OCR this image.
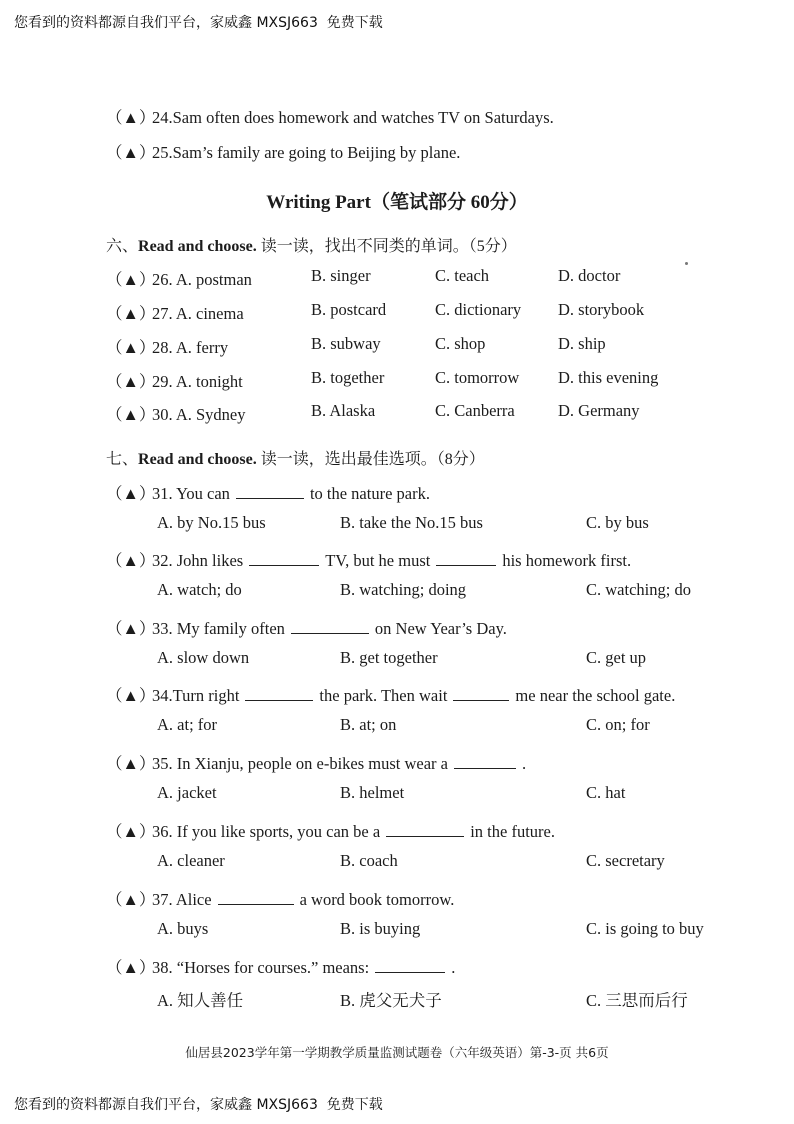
您看到的资料都源自我们平台，家威鑫 MXSJ663  免费下载
（▲）24.Sam often does homework and watches TV on Saturdays.
（▲）25.Sam’s family are going to Beijing by plane.
Writing Part（笔试部分 60分）
六、Read and choose. 读一读，找出不同类的单词。（5分）
（▲）26. A. postman	B. singer	C. teach	D. doctor
（▲）27. A. cinema	B. postcard	C. dictionary D. storybook
（▲）28. A. ferry	B. subway	C. shop	D. ship
（▲）29. A. tonight	B. together	C. tomorrow D. this evening
（▲）30. A. Sydney	B. Alaska	C. Canberra	D. Germany
七、Read and choose. 读一读，选出最佳选项。（8分）
（▲）31. You can	to the nature park.
A. by No.15 bus	B. take the No.15 bus	C. by bus
（▲）32. John likes	TV, but he must	his homework first.
A. watch; do	B. watching; doing	C. watching; do
（▲）33. My family often	on New Year’s Day.
A. slow down	B. get together	C. get up
（▲）34.Turn right	the park. Then wait	me near the school gate.
A. at; for	B. at; on	C. on; for
（▲）35. In Xianju, people on e-bikes must wear a	.
A. jacket	B. helmet	C. hat
（▲）36. If you like sports, you can be a	in the future.
A. cleaner	B. coach	C. secretary
（▲）37. Alice	a word book tomorrow.
A. buys	B. is buying	C. is going to buy
（▲）38. “Horses for courses.” means:	.
A. 知人善任	B. 虎父无犬子	C. 三思而后行
仙居县2023学年第一学期教学质量监测试题卷（六年级英语）第-3-页 共6页
您看到的资料都源自我们平台，家威鑫 MXSJ663  免费下载
